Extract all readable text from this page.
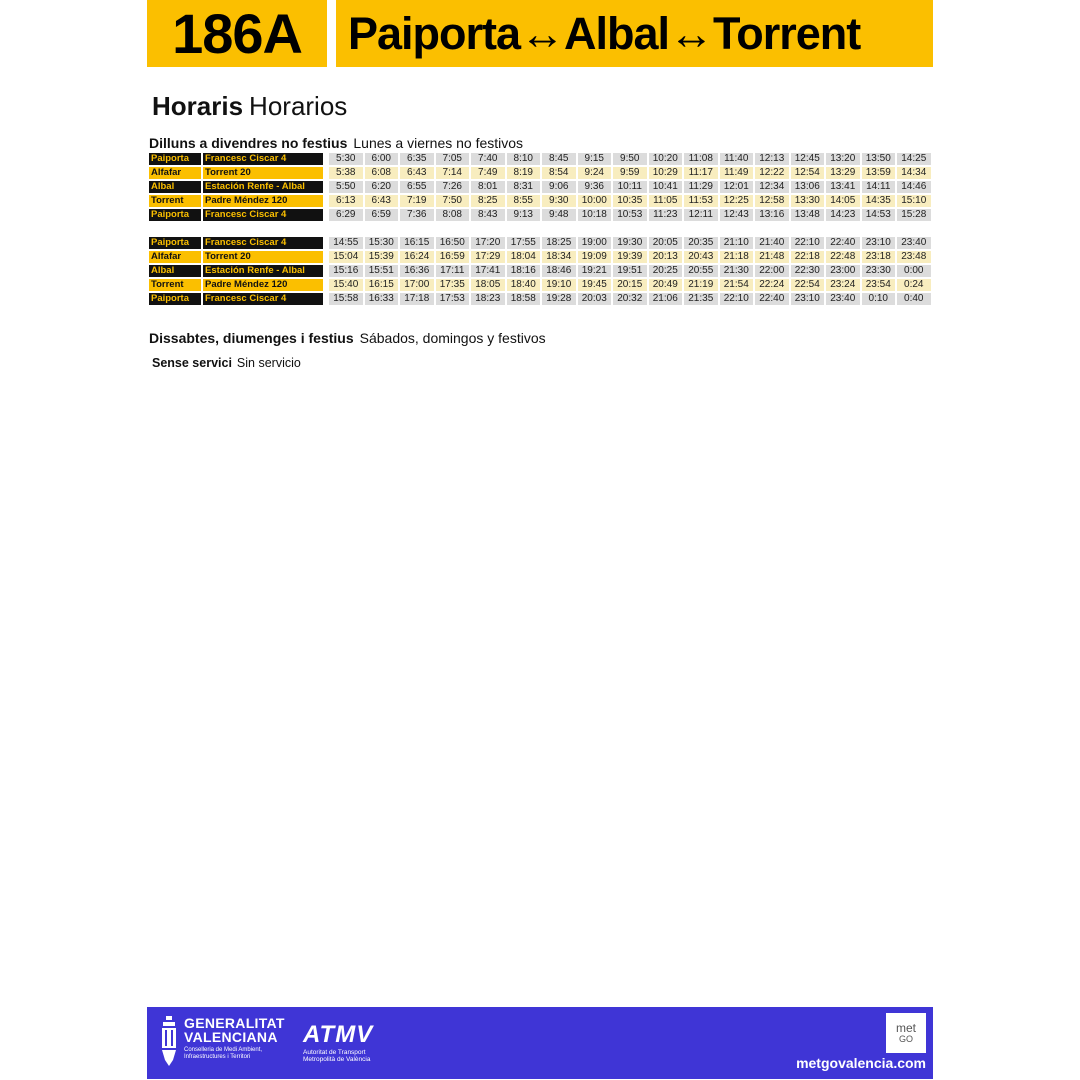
186A Paiporta↔Albal↔Torrent
Horaris Horarios
Dilluns a divendres no festius Lunes a viernes no festivos
Paiporta	Francesc Ciscar 4		5:30	6:00	6:35	7:05	7:40	8:10	8:45	9:15	9:50	10:20	11:08	11:40	12:13	12:45	13:20	13:50	14:25
Alfafar	Torrent 20		5:38	6:08	6:43	7:14	7:49	8:19	8:54	9:24	9:59	10:29	11:17	11:49	12:22	12:54	13:29	13:59	14:34
Albal	Estación Renfe - Albal		5:50	6:20	6:55	7:26	8:01	8:31	9:06	9:36	10:11	10:41	11:29	12:01	12:34	13:06	13:41	14:11	14:46
Torrent	Padre Méndez 120		6:13	6:43	7:19	7:50	8:25	8:55	9:30	10:00	10:35	11:05	11:53	12:25	12:58	13:30	14:05	14:35	15:10
Paiporta	Francesc Ciscar 4		6:29	6:59	7:36	8:08	8:43	9:13	9:48	10:18	10:53	11:23	12:11	12:43	13:16	13:48	14:23	14:53	15:28
Paiporta	Francesc Ciscar 4		14:55	15:30	16:15	16:50	17:20	17:55	18:25	19:00	19:30	20:05	20:35	21:10	21:40	22:10	22:40	23:10	23:40
Alfafar	Torrent 20		15:04	15:39	16:24	16:59	17:29	18:04	18:34	19:09	19:39	20:13	20:43	21:18	21:48	22:18	22:48	23:18	23:48
Albal	Estación Renfe - Albal		15:16	15:51	16:36	17:11	17:41	18:16	18:46	19:21	19:51	20:25	20:55	21:30	22:00	22:30	23:00	23:30	0:00
Torrent	Padre Méndez 120		15:40	16:15	17:00	17:35	18:05	18:40	19:10	19:45	20:15	20:49	21:19	21:54	22:24	22:54	23:24	23:54	0:24
Paiporta	Francesc Ciscar 4		15:58	16:33	17:18	17:53	18:23	18:58	19:28	20:03	20:32	21:06	21:35	22:10	22:40	23:10	23:40	0:10	0:40
Dissabtes, diumenges i festius Sábados, domingos y festivos
Sense servici Sin servicio
GENERALITAT
VALENCIANA
Conselleria de Medi Ambient,
Infraestructures i Territori
ATMV
Autoritat de Transport
Metropolità de València
met
GO
metgovalencia.com
